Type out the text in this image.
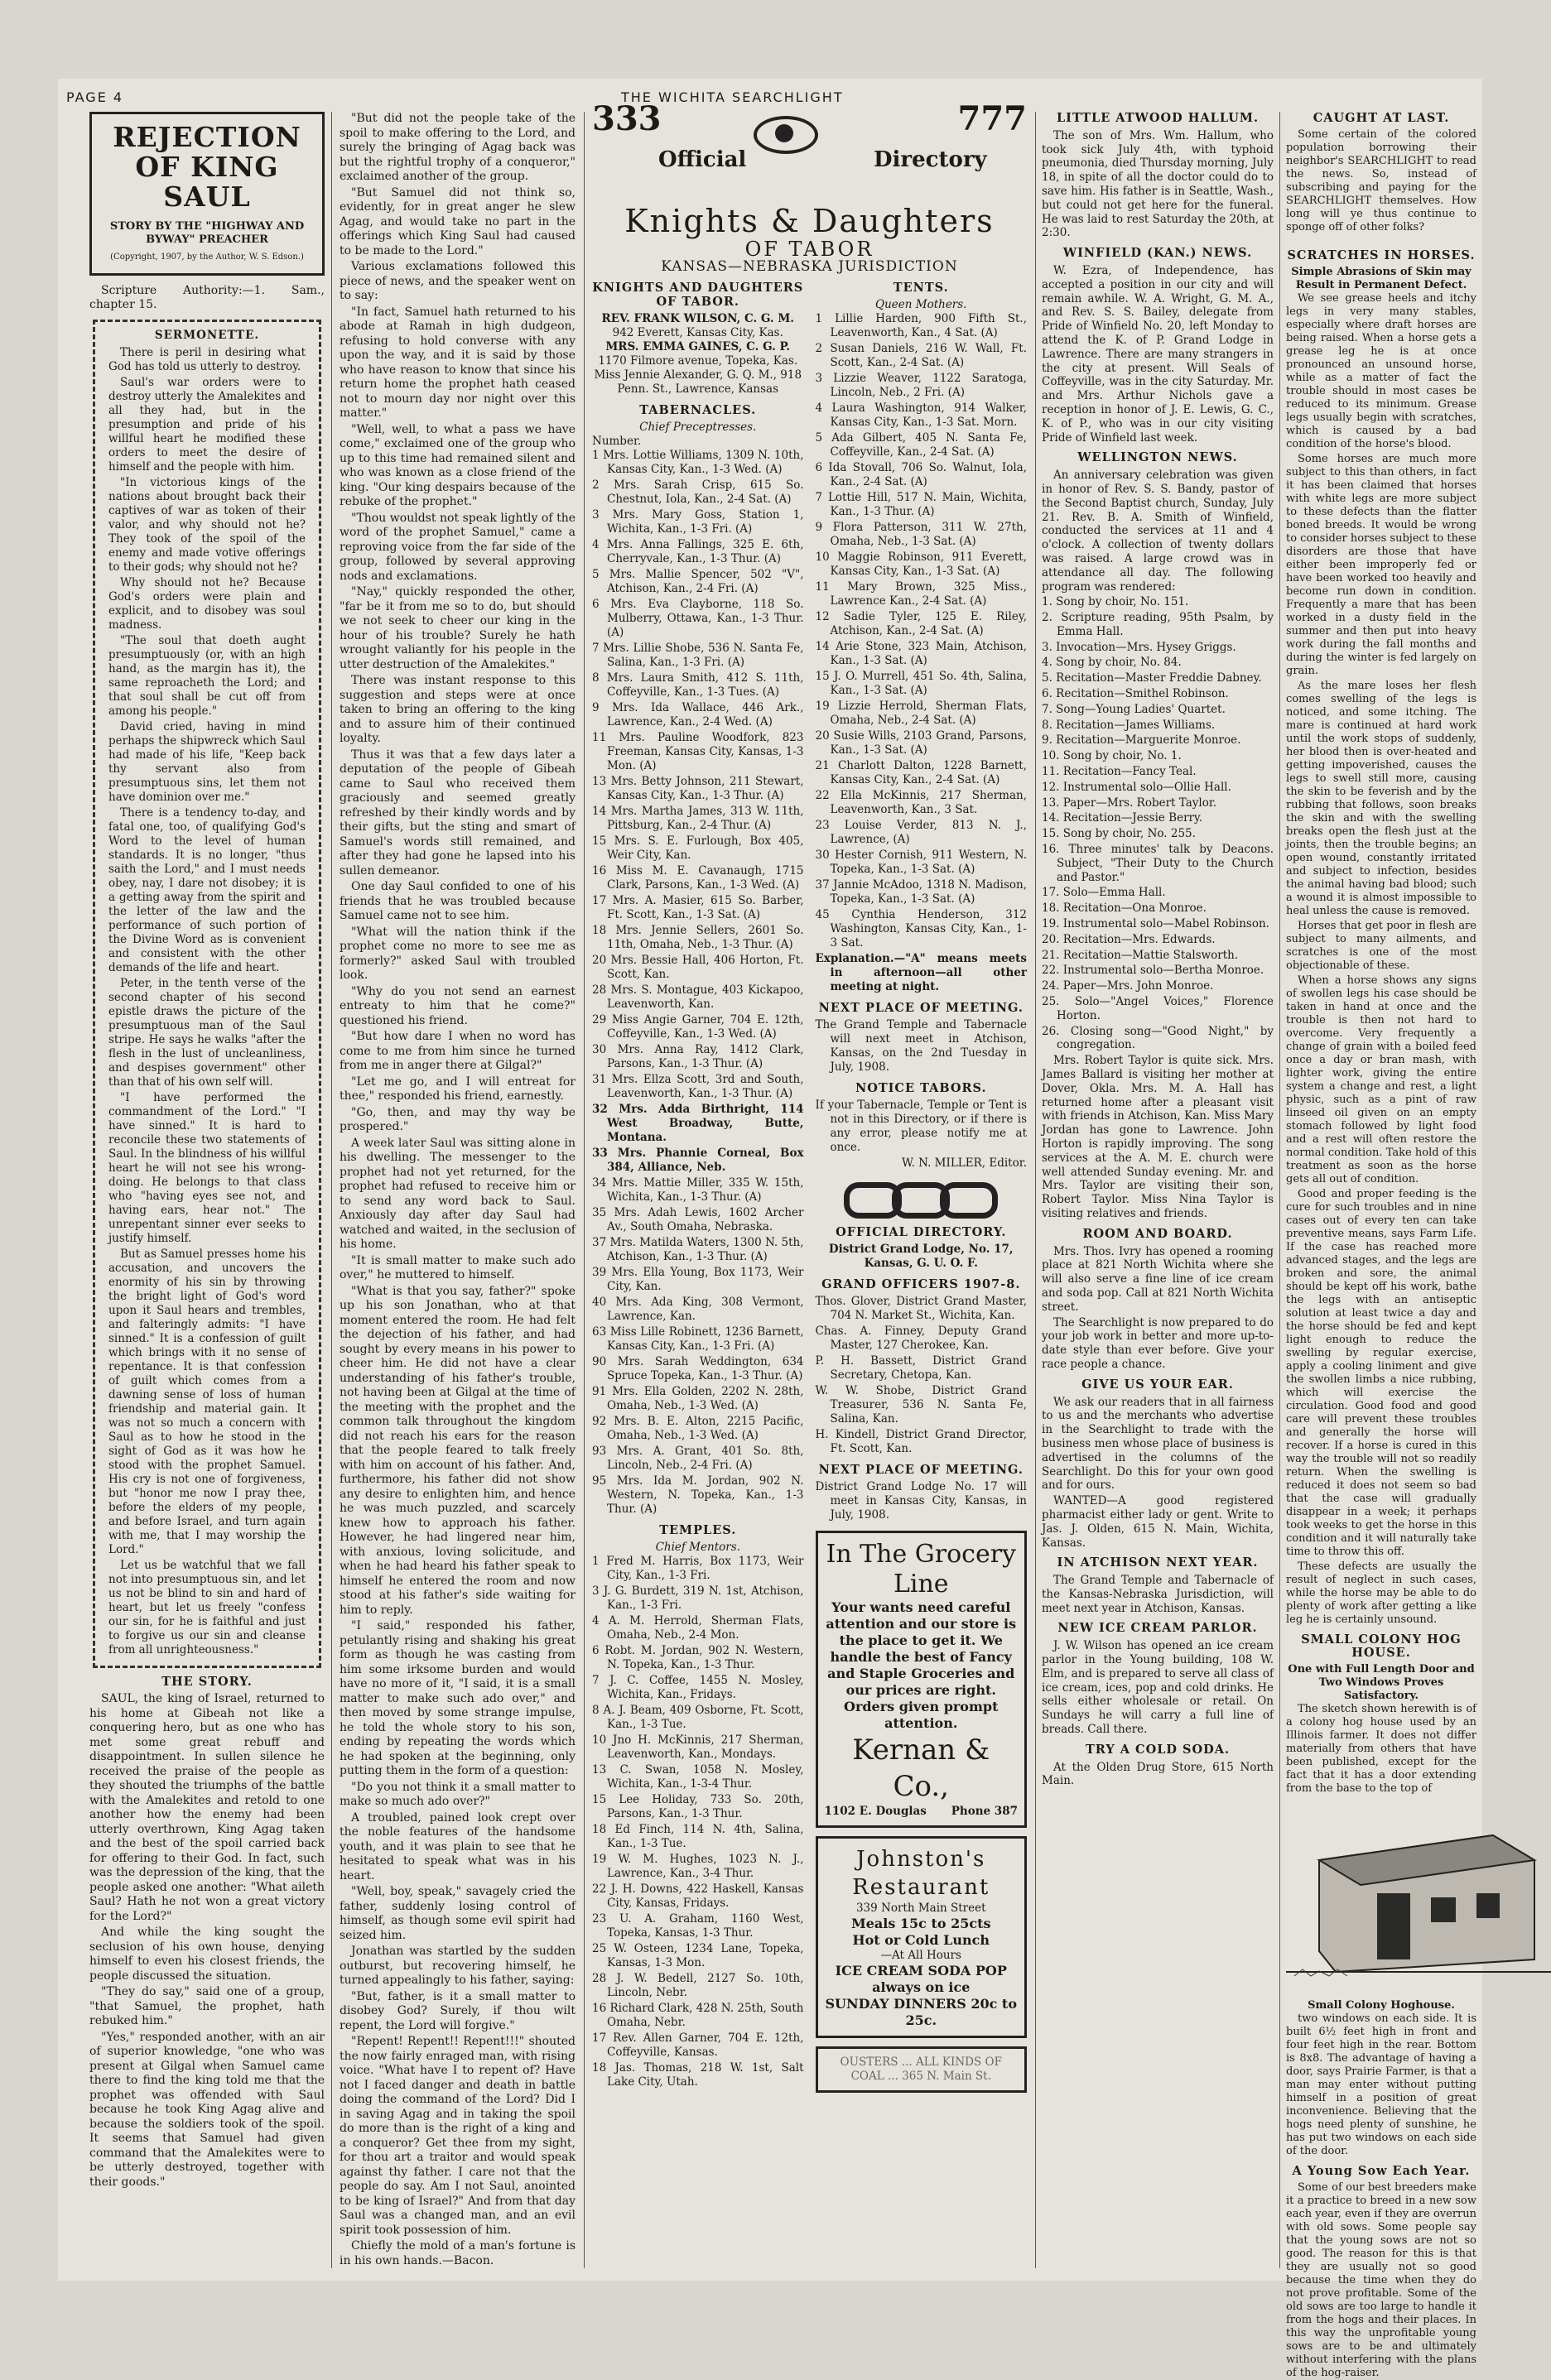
PAGE 4	THE WICHITA SEARCHLIGHT
REJECTION OF KING SAUL
STORY BY THE "HIGHWAY AND BYWAY" PREACHER
(Copyright, 1907, by the Author, W. S. Edson.)

Scripture Authority:—1. Sam., chapter 15.

SERMONETTE.

There is peril in desiring what God has told us utterly to destroy.

Saul's war orders were to destroy utterly the Amalekites and all they had, but in the presumption and pride of his willful heart he modified these orders to meet the desire of himself and the people with him.

"In victorious kings of the nations about brought back their captives of war as token of their valor, and why should not he? They took of the spoil of the enemy and made votive offerings to their gods; why should not he?

Why should not he? Because God's orders were plain and explicit, and to disobey was soul madness.

"The soul that doeth aught presumptuously (or, with an high hand, as the margin has it), the same reproacheth the Lord; and that soul shall be cut off from among his people."

David cried, having in mind perhaps the shipwreck which Saul had made of his life, "Keep back thy servant also from presumptuous sins, let them not have dominion over me."

There is a tendency to-day, and fatal one, too, of qualifying God's Word to the level of human standards. It is no longer, "thus saith the Lord," and I must needs obey, nay, I dare not disobey; it is a getting away from the spirit and the letter of the law and the performance of such portion of the Divine Word as is convenient and consistent with the other demands of the life and heart.

Peter, in the tenth verse of the second chapter of his second epistle draws the picture of the presumptuous man of the Saul stripe. He says he walks "after the flesh in the lust of uncleanliness, and despises government" other than that of his own self will.

"I have performed the commandment of the Lord." "I have sinned." It is hard to reconcile these two statements of Saul. In the blindness of his willful heart he will not see his wrong-doing. He belongs to that class who "having eyes see not, and having ears, hear not." The unrepentant sinner ever seeks to justify himself.

But as Samuel presses home his accusation, and uncovers the enormity of his sin by throwing the bright light of God's word upon it Saul hears and trembles, and falteringly admits: "I have sinned." It is a confession of guilt which brings with it no sense of repentance. It is that confession of guilt which comes from a dawning sense of loss of human friendship and material gain. It was not so much a concern with Saul as to how he stood in the sight of God as it was how he stood with the prophet Samuel. His cry is not one of forgiveness, but "honor me now I pray thee, before the elders of my people, and before Israel, and turn again with me, that I may worship the Lord."

Let us be watchful that we fall not into presumptuous sin, and let us not be blind to sin and hard of heart, but let us freely "confess our sin, for he is faithful and just to forgive us our sin and cleanse from all unrighteousness."

THE STORY.

SAUL, the king of Israel, returned to his home at Gibeah not like a conquering hero, but as one who has met some great rebuff and disappointment. In sullen silence he received the praise of the people as they shouted the triumphs of the battle with the Amalekites and retold to one another how the enemy had been utterly overthrown, King Agag taken and the best of the spoil carried back for offering to their God. In fact, such was the depression of the king, that the people asked one another: "What aileth Saul? Hath he not won a great victory for the Lord?"

And while the king sought the seclusion of his own house, denying himself to even his closest friends, the people discussed the situation.

"They do say," said one of a group, "that Samuel, the prophet, hath rebuked him."

"Yes," responded another, with an air of superior knowledge, "one who was present at Gilgal when Samuel came there to find the king told me that the prophet was offended with Saul because he took King Agag alive and because the soldiers took of the spoil. It seems that Samuel had given command that the Amalekites were to be utterly destroyed, together with their goods."

"But did not the people take of the spoil to make offering to the Lord, and surely the bringing of Agag back was but the rightful trophy of a conqueror," exclaimed another of the group.

"But Samuel did not think so, evidently, for in great anger he slew Agag, and would take no part in the offerings which King Saul had caused to be made to the Lord."

Various exclamations followed this piece of news, and the speaker went on to say:

"In fact, Samuel hath returned to his abode at Ramah in high dudgeon, refusing to hold converse with any upon the way, and it is said by those who have reason to know that since his return home the prophet hath ceased not to mourn day nor night over this matter."

"Well, well, to what a pass we have come," exclaimed one of the group who up to this time had remained silent and who was known as a close friend of the king. "Our king despairs because of the rebuke of the prophet."

"Thou wouldst not speak lightly of the word of the prophet Samuel," came a reproving voice from the far side of the group, followed by several approving nods and exclamations.

"Nay," quickly responded the other, "far be it from me so to do, but should we not seek to cheer our king in the hour of his trouble? Surely he hath wrought valiantly for his people in the utter destruction of the Amalekites."

There was instant response to this suggestion and steps were at once taken to bring an offering to the king and to assure him of their continued loyalty.

Thus it was that a few days later a deputation of the people of Gibeah came to Saul who received them graciously and seemed greatly refreshed by their kindly words and by their gifts, but the sting and smart of Samuel's words still remained, and after they had gone he lapsed into his sullen demeanor.

One day Saul confided to one of his friends that he was troubled because Samuel came not to see him.

"What will the nation think if the prophet come no more to see me as formerly?" asked Saul with troubled look.

"Why do you not send an earnest entreaty to him that he come?" questioned his friend.

"But how dare I when no word has come to me from him since he turned from me in anger there at Gilgal?"

"Let me go, and I will entreat for thee," responded his friend, earnestly.

"Go, then, and may thy way be prospered."

A week later Saul was sitting alone in his dwelling. The messenger to the prophet had not yet returned, for the prophet had refused to receive him or to send any word back to Saul. Anxiously day after day Saul had watched and waited, in the seclusion of his home.

"It is small matter to make such ado over," he muttered to himself.

"What is that you say, father?" spoke up his son Jonathan, who at that moment entered the room. He had felt the dejection of his father, and had sought by every means in his power to cheer him. He did not have a clear understanding of his father's trouble, not having been at Gilgal at the time of the meeting with the prophet and the common talk throughout the kingdom did not reach his ears for the reason that the people feared to talk freely with him on account of his father. And, furthermore, his father did not show any desire to enlighten him, and hence he was much puzzled, and scarcely knew how to approach his father. However, he had lingered near him, with anxious, loving solicitude, and when he had heard his father speak to himself he entered the room and now stood at his father's side waiting for him to reply.

"I said," responded his father, petulantly rising and shaking his great form as though he was casting from him some irksome burden and would have no more of it, "I said, it is a small matter to make such ado over," and then moved by some strange impulse, he told the whole story to his son, ending by repeating the words which he had spoken at the beginning, only putting them in the form of a question:

"Do you not think it a small matter to make so much ado over?"

A troubled, pained look crept over the noble features of the handsome youth, and it was plain to see that he hesitated to speak what was in his heart.

"Well, boy, speak," savagely cried the father, suddenly losing control of himself, as though some evil spirit had seized him.

Jonathan was startled by the sudden outburst, but recovering himself, he turned appealingly to his father, saying:

"But, father, is it a small matter to disobey God? Surely, if thou wilt repent, the Lord will forgive."

"Repent! Repent!! Repent!!!" shouted the now fairly enraged man, with rising voice. "What have I to repent of? Have not I faced danger and death in battle doing the command of the Lord? Did I in saving Agag and in taking the spoil do more than is the right of a king and a conqueror? Get thee from my sight, for thou art a traitor and would speak against thy father. I care not that the people do say. Am I not Saul, anointed to be king of Israel?" And from that day Saul was a changed man, and an evil spirit took possession of him.

Chiefly the mold of a man's fortune is in his own hands.—Bacon.

333	777
Official	Directory
Knights & Daughters
OF TABOR
KANSAS—NEBRASKA JURISDICTION
KNIGHTS AND DAUGHTERS OF TABOR.
REV. FRANK WILSON, C. G. M.
942 Everett, Kansas City, Kas.
MRS. EMMA GAINES, C. G. P.
1170 Filmore avenue, Topeka, Kas.
Miss Jennie Alexander, G. Q. M., 918 Penn. St., Lawrence, Kansas
TABERNACLES.
Chief Preceptresses.
Number.

1 Mrs. Lottie Williams, 1309 N. 10th, Kansas City, Kan., 1-3 Wed. (A)

2 Mrs. Sarah Crisp, 615 So. Chestnut, Iola, Kan., 2-4 Sat. (A)

3 Mrs. Mary Goss, Station 1, Wichita, Kan., 1-3 Fri. (A)

4 Mrs. Anna Fallings, 325 E. 6th, Cherryvale, Kan., 1-3 Thur. (A)

5 Mrs. Mallie Spencer, 502 "V", Atchison, Kan., 2-4 Fri. (A)

6 Mrs. Eva Clayborne, 118 So. Mulberry, Ottawa, Kan., 1-3 Thur. (A)

7 Mrs. Lillie Shobe, 536 N. Santa Fe, Salina, Kan., 1-3 Fri. (A)

8 Mrs. Laura Smith, 412 S. 11th, Coffeyville, Kan., 1-3 Tues. (A)

9 Mrs. Ida Wallace, 446 Ark., Lawrence, Kan., 2-4 Wed. (A)

11 Mrs. Pauline Woodfork, 823 Freeman, Kansas City, Kansas, 1-3 Mon. (A)

13 Mrs. Betty Johnson, 211 Stewart, Kansas City, Kan., 1-3 Thur. (A)

14 Mrs. Martha James, 313 W. 11th, Pittsburg, Kan., 2-4 Thur. (A)

15 Mrs. S. E. Furlough, Box 405, Weir City, Kan.

16 Miss M. E. Cavanaugh, 1715 Clark, Parsons, Kan., 1-3 Wed. (A)

17 Mrs. A. Masier, 615 So. Barber, Ft. Scott, Kan., 1-3 Sat. (A)

18 Mrs. Jennie Sellers, 2601 So. 11th, Omaha, Neb., 1-3 Thur. (A)

20 Mrs. Bessie Hall, 406 Horton, Ft. Scott, Kan.

28 Mrs. S. Montague, 403 Kickapoo, Leavenworth, Kan.

29 Miss Angie Garner, 704 E. 12th, Coffeyville, Kan., 1-3 Wed. (A)

30 Mrs. Anna Ray, 1412 Clark, Parsons, Kan., 1-3 Thur. (A)

31 Mrs. Ellza Scott, 3rd and South, Leavenworth, Kan., 1-3 Thur. (A)

32 Mrs. Adda Birthright, 114 West Broadway, Butte, Montana.

33 Mrs. Phannie Corneal, Box 384, Alliance, Neb.

34 Mrs. Mattie Miller, 335 W. 15th, Wichita, Kan., 1-3 Thur. (A)

35 Mrs. Adah Lewis, 1602 Archer Av., South Omaha, Nebraska.

37 Mrs. Matilda Waters, 1300 N. 5th, Atchison, Kan., 1-3 Thur. (A)

39 Mrs. Ella Young, Box 1173, Weir City, Kan.

40 Mrs. Ada King, 308 Vermont, Lawrence, Kan.

63 Miss Lille Robinett, 1236 Barnett, Kansas City, Kan., 1-3 Fri. (A)

90 Mrs. Sarah Weddington, 634 Spruce Topeka, Kan., 1-3 Thur. (A)

91 Mrs. Ella Golden, 2202 N. 28th, Omaha, Neb., 1-3 Wed. (A)

92 Mrs. B. E. Alton, 2215 Pacific, Omaha, Neb., 1-3 Wed. (A)

93 Mrs. A. Grant, 401 So. 8th, Lincoln, Neb., 2-4 Fri. (A)

95 Mrs. Ida M. Jordan, 902 N. Western, N. Topeka, Kan., 1-3 Thur. (A)

TEMPLES.
Chief Mentors.

1 Fred M. Harris, Box 1173, Weir City, Kan., 1-3 Fri.

3 J. G. Burdett, 319 N. 1st, Atchison, Kan., 1-3 Fri.

4 A. M. Herrold, Sherman Flats, Omaha, Neb., 2-4 Mon.

6 Robt. M. Jordan, 902 N. Western, N. Topeka, Kan., 1-3 Thur.

7 J. C. Coffee, 1455 N. Mosley, Wichita, Kan., Fridays.

8 A. J. Beam, 409 Osborne, Ft. Scott, Kan., 1-3 Tue.

10 Jno H. McKinnis, 217 Sherman, Leavenworth, Kan., Mondays.

13 C. Swan, 1058 N. Mosley, Wichita, Kan., 1-3-4 Thur.

15 Lee Holiday, 733 So. 20th, Parsons, Kan., 1-3 Thur.

18 Ed Finch, 114 N. 4th, Salina, Kan., 1-3 Tue.

19 W. M. Hughes, 1023 N. J., Lawrence, Kan., 3-4 Thur.

22 J. H. Downs, 422 Haskell, Kansas City, Kansas, Fridays.

23 U. A. Graham, 1160 West, Topeka, Kansas, 1-3 Thur.

25 W. Osteen, 1234 Lane, Topeka, Kansas, 1-3 Mon.

28 J. W. Bedell, 2127 So. 10th, Lincoln, Nebr.

16 Richard Clark, 428 N. 25th, South Omaha, Nebr.

17 Rev. Allen Garner, 704 E. 12th, Coffeyville, Kansas.

18 Jas. Thomas, 218 W. 1st, Salt Lake City, Utah.

TENTS.
Queen Mothers.

1 Lillie Harden, 900 Fifth St., Leavenworth, Kan., 4 Sat. (A)

2 Susan Daniels, 216 W. Wall, Ft. Scott, Kan., 2-4 Sat. (A)

3 Lizzie Weaver, 1122 Saratoga, Lincoln, Neb., 2 Fri. (A)

4 Laura Washington, 914 Walker, Kansas City, Kan., 1-3 Sat. Morn.

5 Ada Gilbert, 405 N. Santa Fe, Coffeyville, Kan., 2-4 Sat. (A)

6 Ida Stovall, 706 So. Walnut, Iola, Kan., 2-4 Sat. (A)

7 Lottie Hill, 517 N. Main, Wichita, Kan., 1-3 Thur. (A)

9 Flora Patterson, 311 W. 27th, Omaha, Neb., 1-3 Sat. (A)

10 Maggie Robinson, 911 Everett, Kansas City, Kan., 1-3 Sat. (A)

11 Mary Brown, 325 Miss., Lawrence Kan., 2-4 Sat. (A)

12 Sadie Tyler, 125 E. Riley, Atchison, Kan., 2-4 Sat. (A)

14 Arie Stone, 323 Main, Atchison, Kan., 1-3 Sat. (A)

15 J. O. Murrell, 451 So. 4th, Salina, Kan., 1-3 Sat. (A)

19 Lizzie Herrold, Sherman Flats, Omaha, Neb., 2-4 Sat. (A)

20 Susie Wills, 2103 Grand, Parsons, Kan., 1-3 Sat. (A)

21 Charlott Dalton, 1228 Barnett, Kansas City, Kan., 2-4 Sat. (A)

22 Ella McKinnis, 217 Sherman, Leavenworth, Kan., 3 Sat.

23 Louise Verder, 813 N. J., Lawrence, (A)

30 Hester Cornish, 911 Western, N. Topeka, Kan., 1-3 Sat. (A)

37 Jannie McAdoo, 1318 N. Madison, Topeka, Kan., 1-3 Sat. (A)

45 Cynthia Henderson, 312 Washington, Kansas City, Kan., 1-3 Sat.

Explanation.—"A" means meets in afternoon—all other meeting at night.

NEXT PLACE OF MEETING.

The Grand Temple and Tabernacle will next meet in Atchison, Kansas, on the 2nd Tuesday in July, 1908.

NOTICE TABORS.

If your Tabernacle, Temple or Tent is not in this Directory, or if there is any error, please notify me at once.

W. N. MILLER, Editor.
OFFICIAL DIRECTORY.
District Grand Lodge, No. 17, Kansas, G. U. O. F.
GRAND OFFICERS 1907-8.

Thos. Glover, District Grand Master, 704 N. Market St., Wichita, Kan.

Chas. A. Finney, Deputy Grand Master, 127 Cherokee, Kan.

P. H. Bassett, District Grand Secretary, Chetopa, Kan.

W. W. Shobe, District Grand Treasurer, 536 N. Santa Fe, Salina, Kan.

H. Kindell, District Grand Director, Ft. Scott, Kan.

NEXT PLACE OF MEETING.

District Grand Lodge No. 17 will meet in Kansas City, Kansas, in July, 1908.

In The Grocery Line
Your wants need careful attention and our store is the place to get it. We handle the best of Fancy and Staple Groceries and our prices are right. Orders given prompt attention.
Kernan & Co.,
1102 E. Douglas Phone 387
Johnston's Restaurant
339 North Main Street
Meals 15c to 25cts
Hot or Cold Lunch
—At All Hours
ICE CREAM SODA POP always on ice
SUNDAY DINNERS 20c to 25c.
OUSTERS ... ALL KINDS OF COAL ... 365 N. Main St.
LITTLE ATWOOD HALLUM.

The son of Mrs. Wm. Hallum, who took sick July 4th, with typhoid pneumonia, died Thursday morning, July 18, in spite of all the doctor could do to save him. His father is in Seattle, Wash., but could not get here for the funeral. He was laid to rest Saturday the 20th, at 2:30.

WINFIELD (KAN.) NEWS.

W. Ezra, of Independence, has accepted a position in our city and will remain awhile. W. A. Wright, G. M. A., and Rev. S. S. Bailey, delegate from Pride of Winfield No. 20, left Monday to attend the K. of P. Grand Lodge in Lawrence. There are many strangers in the city at present. Will Seals of Coffeyville, was in the city Saturday. Mr. and Mrs. Arthur Nichols gave a reception in honor of J. E. Lewis, G. C., K. of P., who was in our city visiting Pride of Winfield last week.

WELLINGTON NEWS.

An anniversary celebration was given in honor of Rev. S. S. Bandy, pastor of the Second Baptist church, Sunday, July 21. Rev. B. A. Smith of Winfield, conducted the services at 11 and 4 o'clock. A collection of twenty dollars was raised. A large crowd was in attendance all day. The following program was rendered:

1. Song by choir, No. 151.

2. Scripture reading, 95th Psalm, by Emma Hall.

3. Invocation—Mrs. Hysey Griggs.

4. Song by choir, No. 84.

5. Recitation—Master Freddie Dabney.

6. Recitation—Smithel Robinson.

7. Song—Young Ladies' Quartet.

8. Recitation—James Williams.

9. Recitation—Marguerite Monroe.

10. Song by choir, No. 1.

11. Recitation—Fancy Teal.

12. Instrumental solo—Ollie Hall.

13. Paper—Mrs. Robert Taylor.

14. Recitation—Jessie Berry.

15. Song by choir, No. 255.

16. Three minutes' talk by Deacons. Subject, "Their Duty to the Church and Pastor."

17. Solo—Emma Hall.

18. Recitation—Ona Monroe.

19. Instrumental solo—Mabel Robinson.

20. Recitation—Mrs. Edwards.

21. Recitation—Mattie Stalsworth.

22. Instrumental solo—Bertha Monroe.

24. Paper—Mrs. John Monroe.

25. Solo—"Angel Voices," Florence Horton.

26. Closing song—"Good Night," by congregation.

Mrs. Robert Taylor is quite sick. Mrs. James Ballard is visiting her mother at Dover, Okla. Mrs. M. A. Hall has returned home after a pleasant visit with friends in Atchison, Kan. Miss Mary Jordan has gone to Lawrence. John Horton is rapidly improving. The song services at the A. M. E. church were well attended Sunday evening. Mr. and Mrs. Taylor are visiting their son, Robert Taylor. Miss Nina Taylor is visiting relatives and friends.

ROOM AND BOARD.

Mrs. Thos. Ivry has opened a rooming place at 821 North Wichita where she will also serve a fine line of ice cream and soda pop. Call at 821 North Wichita street.

The Searchlight is now prepared to do your job work in better and more up-to-date style than ever before. Give your race people a chance.

GIVE US YOUR EAR.

We ask our readers that in all fairness to us and the merchants who advertise in the Searchlight to trade with the business men whose place of business is advertised in the columns of the Searchlight. Do this for your own good and for ours.

WANTED—A good registered pharmacist either lady or gent. Write to Jas. J. Olden, 615 N. Main, Wichita, Kansas.

IN ATCHISON NEXT YEAR.

The Grand Temple and Tabernacle of the Kansas-Nebraska Jurisdiction, will meet next year in Atchison, Kansas.

NEW ICE CREAM PARLOR.

J. W. Wilson has opened an ice cream parlor in the Young building, 108 W. Elm, and is prepared to serve all class of ice cream, ices, pop and cold drinks. He sells either wholesale or retail. On Sundays he will carry a full line of breads. Call there.

TRY A COLD SODA.

At the Olden Drug Store, 615 North Main.

CAUGHT AT LAST.

Some certain of the colored population borrowing their neighbor's SEARCHLIGHT to read the news. So, instead of subscribing and paying for the SEARCHLIGHT themselves. How long will ye thus continue to sponge off of other folks?

SCRATCHES IN HORSES.
Simple Abrasions of Skin may Result in Permanent Defect.

We see grease heels and itchy legs in very many stables, especially where draft horses are being raised. When a horse gets a grease leg he is at once pronounced an unsound horse, while as a matter of fact the trouble should in most cases be reduced to its minimum. Grease legs usually begin with scratches, which is caused by a bad condition of the horse's blood.

Some horses are much more subject to this than others, in fact it has been claimed that horses with white legs are more subject to these defects than the flatter boned breeds. It would be wrong to consider horses subject to these disorders are those that have either been improperly fed or have been worked too heavily and become run down in condition. Frequently a mare that has been worked in a dusty field in the summer and then put into heavy work during the fall months and during the winter is fed largely on grain.

As the mare loses her flesh comes swelling of the legs is noticed, and some itching. The mare is continued at hard work until the work stops of suddenly, her blood then is over-heated and getting impoverished, causes the legs to swell still more, causing the skin to be feverish and by the rubbing that follows, soon breaks the skin and with the swelling breaks open the flesh just at the joints, then the trouble begins; an open wound, constantly irritated and subject to infection, besides the animal having bad blood; such a wound it is almost impossible to heal unless the cause is removed.

Horses that get poor in flesh are subject to many ailments, and scratches is one of the most objectionable of these.

When a horse shows any signs of swollen legs his case should be taken in hand at once and the trouble is then not hard to overcome. Very frequently a change of grain with a boiled feed once a day or bran mash, with lighter work, giving the entire system a change and rest, a light physic, such as a pint of raw linseed oil given on an empty stomach followed by light food and a rest will often restore the normal condition. Take hold of this treatment as soon as the horse gets all out of condition.

Good and proper feeding is the cure for such troubles and in nine cases out of every ten can take preventive means, says Farm Life. If the case has reached more advanced stages, and the legs are broken and sore, the animal should be kept off his work, bathe the legs with an antiseptic solution at least twice a day and the horse should be fed and kept light enough to reduce the swelling by regular exercise, apply a cooling liniment and give the swollen limbs a nice rubbing, which will exercise the circulation. Good food and good care will prevent these troubles and generally the horse will recover. If a horse is cured in this way the trouble will not so readily return. When the swelling is reduced it does not seem so bad that the case will gradually disappear in a week; it perhaps took weeks to get the horse in this condition and it will naturally take time to throw this off.

These defects are usually the result of neglect in such cases, while the horse may be able to do plenty of work after getting a like leg he is certainly unsound.

SMALL COLONY HOG HOUSE.
One with Full Length Door and Two Windows Proves Satisfactory.

The sketch shown herewith is of a colony hog house used by an Illinois farmer. It does not differ materially from others that have been published, except for the fact that it has a door extending from the base to the top of

Small Colony Hoghouse.

two windows on each side. It is built 6½ feet high in front and four feet high in the rear. Bottom is 8x8. The advantage of having a door, says Prairie Farmer, is that a man may enter without putting himself in a position of great inconvenience. Believing that the hogs need plenty of sunshine, he has put two windows on each side of the door.

A Young Sow Each Year.

Some of our best breeders make it a practice to breed in a new sow each year, even if they are overrun with old sows. Some people say that the young sows are not so good. The reason for this is that they are usually not so good because the time when they do not prove profitable. Some of the old sows are too large to handle it from the hogs and their places. In this way the unprofitable young sows are to be and ultimately without interfering with the plans of the hog-raiser.
